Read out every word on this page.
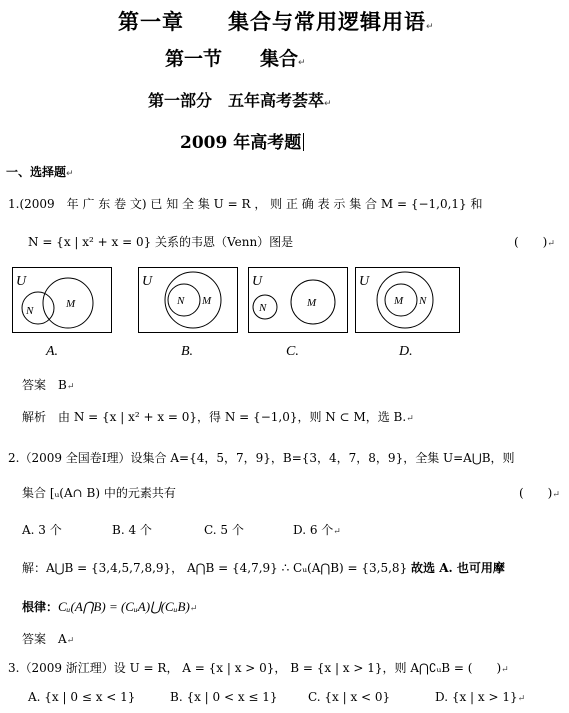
第一章　　集合与常用逻辑用语↵
第一节　　集合↵
第一部分　五年高考荟萃↵
2009 年高考题
一、选择题↵
1.(2009　年 广 东 卷 文) 已 知 全 集 U = R ， 则 正 确 表 示 集 合 M = {−1,0,1} 和
N = {x | x² + x = 0} 关系的韦恩（Venn）图是	(　　)↵
U
N
M
U
N M
U
N	M
U
M N
A.	B.	C.	D.
答案　B↵
解析　由 N = {x | x² + x = 0}，得 N = {−1,0}，则 N ⊂ M，选 B.↵
2.（2009 全国卷Ⅰ理）设集合 A={4，5，7，9}，B={3，4，7，8，9}，全集 U=A⋃B，则
集合 [ᵤ(A∩ B) 中的元素共有	(　　)↵
A. 3 个	B. 4 个	C. 5 个	D. 6 个↵
解：A⋃B = {3,4,5,7,8,9}， A⋂B = {4,7,9} ∴ Cᵤ(A⋂B) = {3,5,8} 故选 A. 也可用摩
根律：Cᵤ(A⋂B) = (CᵤA)⋃(CᵤB)↵
答案　A↵
3.（2009 浙江理）设 U = R， A = {x | x > 0}， B = {x | x > 1}，则 A⋂∁ᵤB = (　　)↵
A. {x | 0 ≤ x < 1}	B. {x | 0 < x ≤ 1}	C. {x | x < 0}	D. {x | x > 1}↵
